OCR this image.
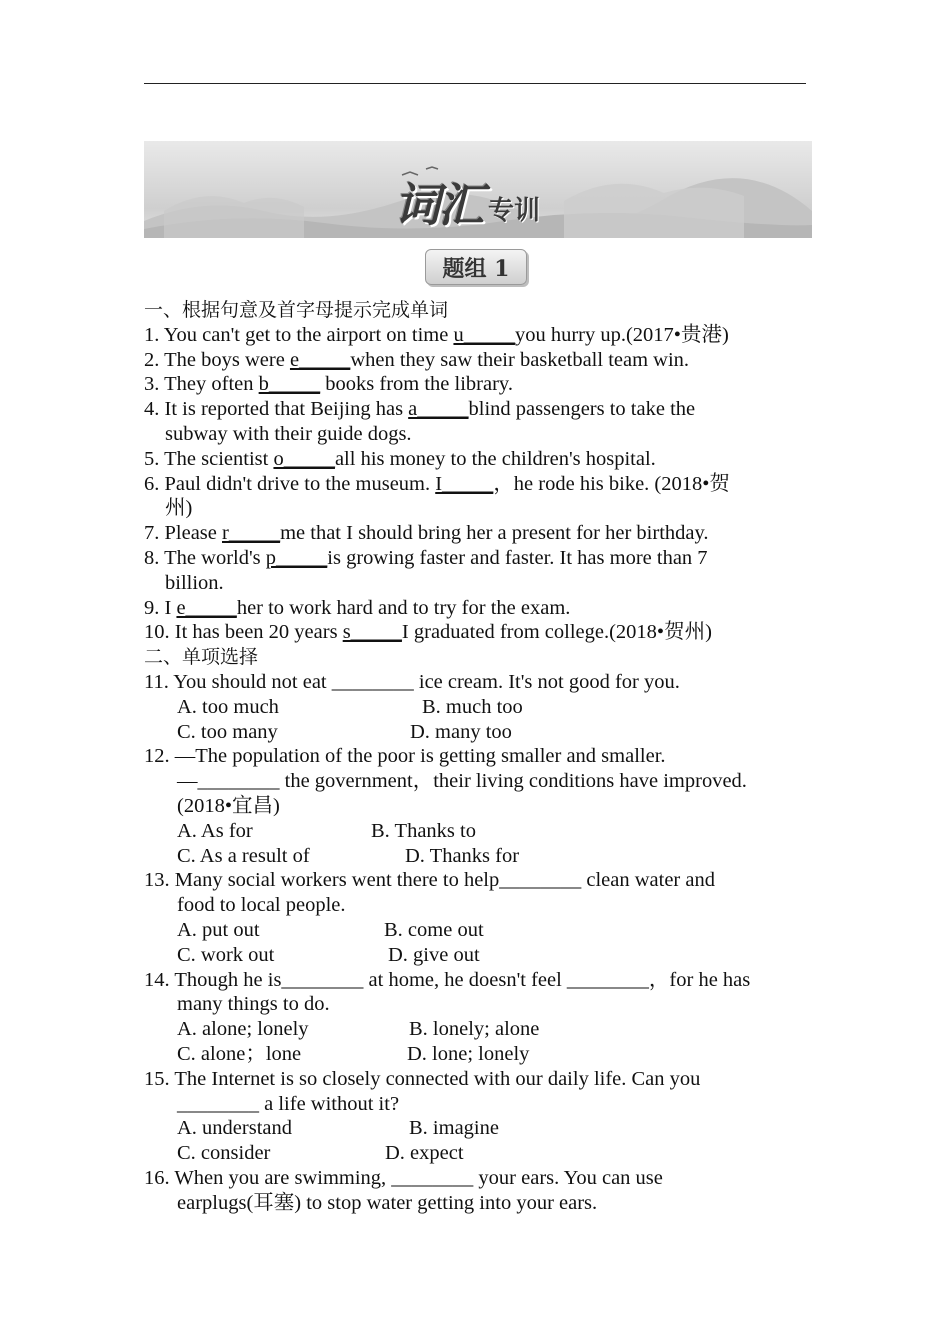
词汇 专训
题组 1
一、根据句意及首字母提示完成单词
1. You can't get to the airport on time u_____you hurry up.(2017•贵港)
2. The boys were e_____when they saw their basketball team win.
3. They often b_____ books from the library.
4. It is reported that Beijing has a_____blind passengers to take the
subway with their guide dogs.
5. The scientist o_____all his money to the children's hospital.
6. Paul didn't drive to the museum. I_____，he rode his bike. (2018•贺
州)
7. Please r_____me that I should bring her a present for her birthday.
8. The world's p_____is growing faster and faster. It has more than 7
billion.
9. I e_____her to work hard and to try for the exam.
10. It has been 20 years s_____I graduated from college.(2018•贺州)
二、单项选择
11. You should not eat ________ ice cream. It's not good for you.
A. too much	B. much too
C. too many	D. many too
12. —The population of the poor is getting smaller and smaller.
—________ the government，their living conditions have improved.
(2018•宜昌)
A. As for	B. Thanks to
C. As a result of	D. Thanks for
13. Many social workers went there to help________ clean water and
food to local people.
A. put out	B. come out
C. work out	D. give out
14. Though he is________ at home, he doesn't feel ________，for he has
many things to do.
A. alone; lonely	B. lonely; alone
C. alone；lone	D. lone; lonely
15. The Internet is so closely connected with our daily life. Can you
________ a life without it?
A. understand	B. imagine
C. consider	D. expect
16. When you are swimming, ________ your ears. You can use
earplugs(耳塞) to stop water getting into your ears.
